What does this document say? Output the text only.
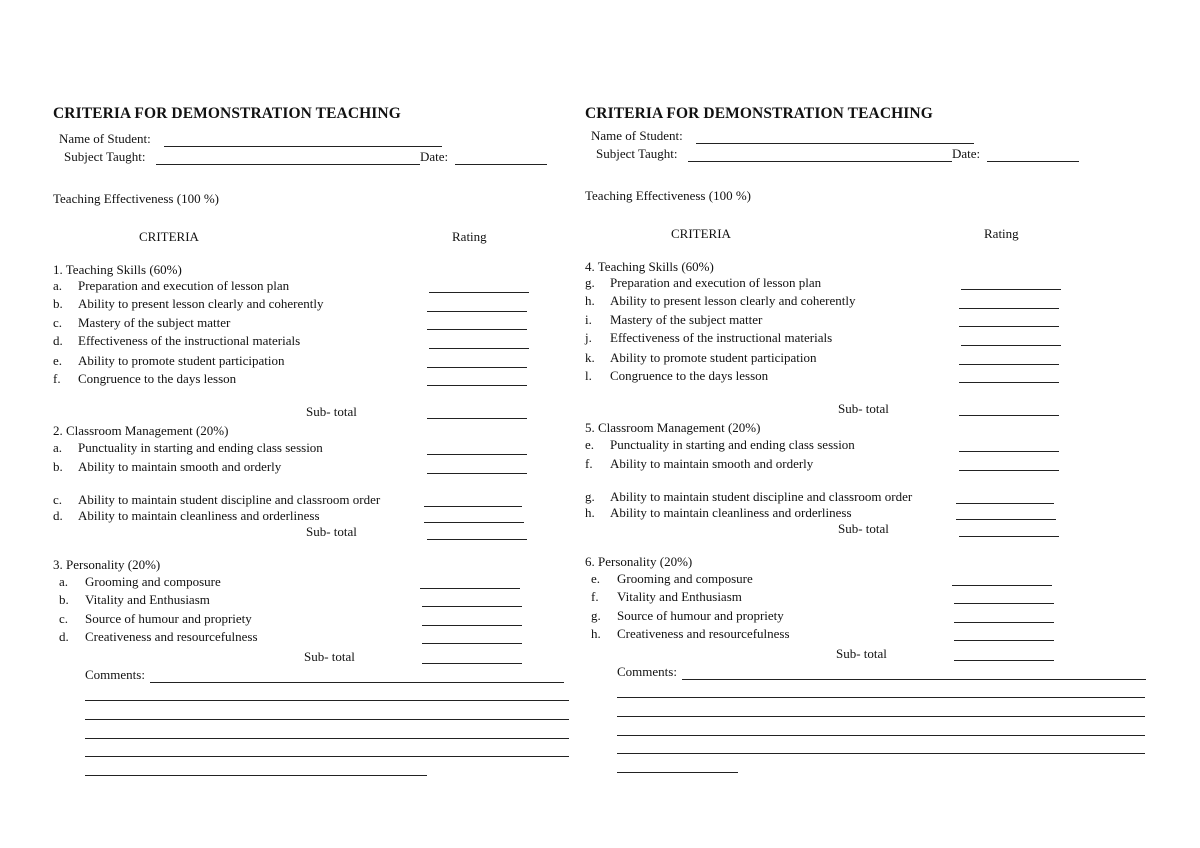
CRITERIA FOR DEMONSTRATION TEACHING
Name of Student:
Subject Taught:	Date:
Teaching Effectiveness (100 %)
CRITERIA	Rating
1. Teaching Skills (60%)
a. Preparation and execution of lesson plan
b. Ability to present lesson clearly and coherently
c. Mastery of the subject matter
d. Effectiveness of the instructional materials
e. Ability to promote student participation
f. Congruence to the days lesson
Sub- total
2. Classroom Management (20%)
a. Punctuality in starting and ending class session
b. Ability to maintain smooth and orderly
c. Ability to maintain student discipline and classroom order
d. Ability to maintain cleanliness and orderliness
Sub- total
3. Personality (20%)
a. Grooming and composure
b. Vitality and Enthusiasm
c. Source of humour and propriety
d. Creativeness and resourcefulness
Sub- total
Comments:
CRITERIA FOR DEMONSTRATION TEACHING
Name of Student:
Subject Taught:	Date:
Teaching Effectiveness (100 %)
CRITERIA	Rating
4. Teaching Skills (60%)
g. Preparation and execution of lesson plan
h. Ability to present lesson clearly and coherently
i. Mastery of the subject matter
j. Effectiveness of the instructional materials
k. Ability to promote student participation
l. Congruence to the days lesson
Sub- total
5. Classroom Management (20%)
e. Punctuality in starting and ending class session
f. Ability to maintain smooth and orderly
g. Ability to maintain student discipline and classroom order
h. Ability to maintain cleanliness and orderliness
Sub- total
6. Personality (20%)
e. Grooming and composure
f. Vitality and Enthusiasm
g. Source of humour and propriety
h. Creativeness and resourcefulness
Sub- total
Comments:
